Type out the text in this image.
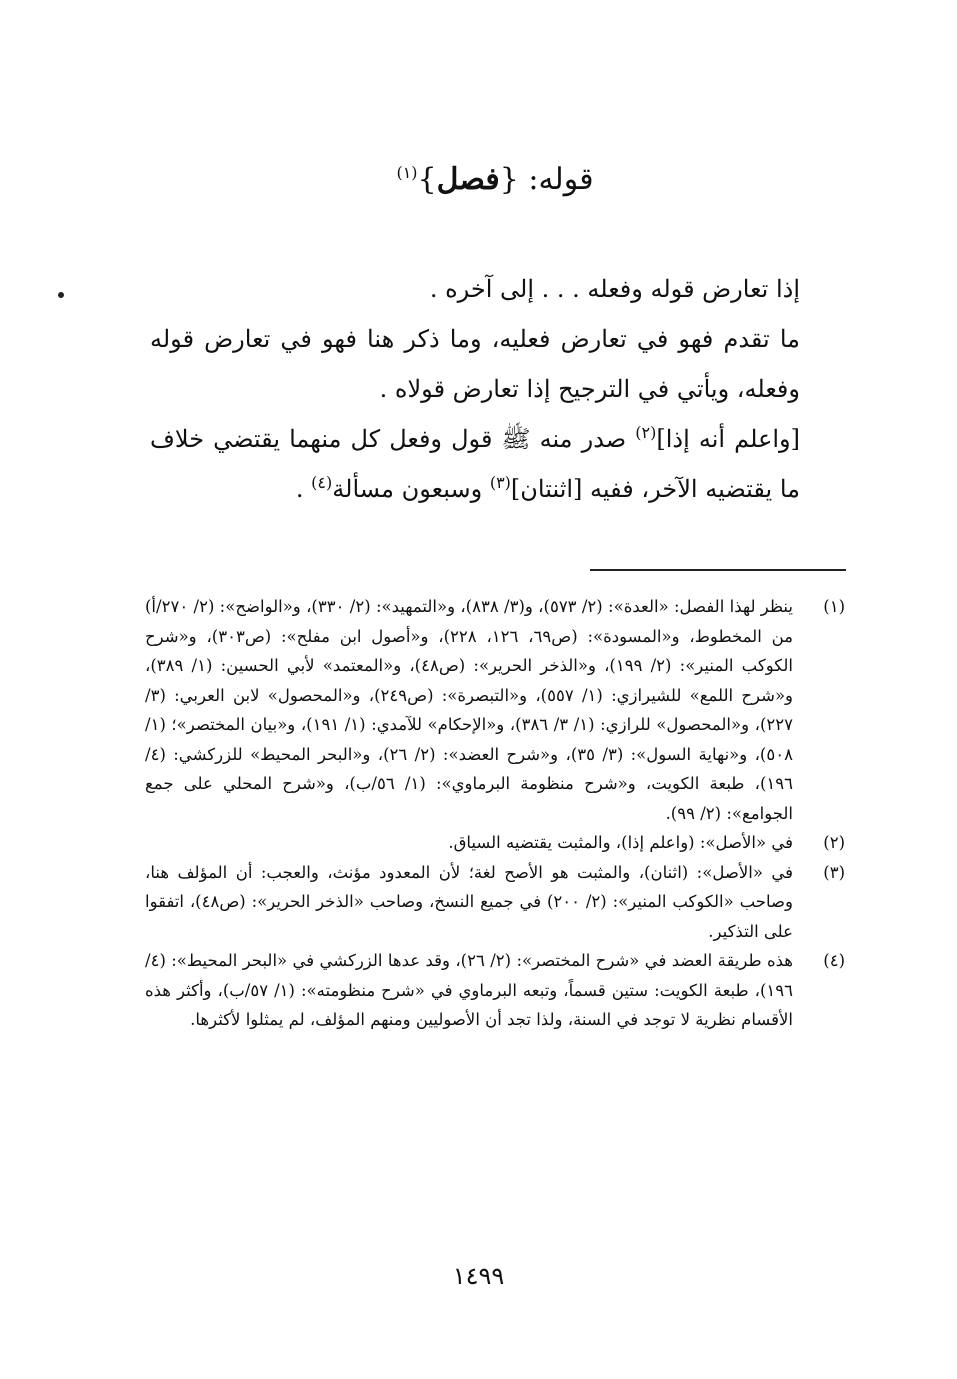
قوله: {فصل}$^{(١)}$

إذا تعارض قوله وفعله . . . إلى آخره .

ما تقدم فهو في تعارض فعليه، وما ذكر هنا فهو في تعارض قوله وفعله، ويأتي في الترجيح إذا تعارض قولاه .

[واعلم أنه إذا]$^{(٢)}$ صدر منه ﷺ قول وفعل كل منهما يقتضي خلاف ما يقتضيه الآخر، ففيه [اثنتان]$^{(٣)}$ وسبعون مسألة$^{(٤)}$ .

(١)
ينظر لهذا الفصل: «العدة»: (٢/ ٥٧٣)، و(٣/ ٨٣٨)، و«التمهيد»: (٢/ ٣٣٠)، و«الواضح»: (٢/ ٢٧٠/أ) من المخطوط، و«المسودة»: (ص٦٩، ١٢٦، ٢٢٨)، و«أصول ابن مفلح»: (ص٣٠٣)، و«شرح الكوكب المنير»: (٢/ ١٩٩)، و«الذخر الحرير»: (ص٤٨)، و«المعتمد» لأبي الحسين: (١/ ٣٨٩)، و«شرح اللمع» للشيرازي: (١/ ٥٥٧)، و«التبصرة»: (ص٢٤٩)، و«المحصول» لابن العربي: (٣/ ٢٢٧)، و«المحصول» للرازي: (١/ ٣/ ٣٨٦)، و«الإحكام» للآمدي: (١/ ١٩١)، و«بيان المختصر»؛ (١/ ٥٠٨)، و«نهاية السول»: (٣/ ٣٥)، و«شرح العضد»: (٢/ ٢٦)، و«البحر المحيط» للزركشي: (٤/ ١٩٦)، طبعة الكويت، و«شرح منظومة البرماوي»: (١/ ٥٦/ب)، و«شرح المحلي على جمع الجوامع»: (٢/ ٩٩).

(٢)
في «الأصل»: (واعلم إذا)، والمثبت يقتضيه السياق.

(٣)
في «الأصل»: (اثنان)، والمثبت هو الأصح لغة؛ لأن المعدود مؤنث، والعجب: أن المؤلف هنا، وصاحب «الكوكب المنير»: (٢/ ٢٠٠) في جميع النسخ، وصاحب «الذخر الحرير»: (ص٤٨)، اتفقوا على التذكير.

(٤)
هذه طريقة العضد في «شرح المختصر»: (٢/ ٢٦)، وقد عدها الزركشي في «البحر المحيط»: (٤/ ١٩٦)، طبعة الكويت: ستين قسماً، وتبعه البرماوي في «شرح منظومته»: (١/ ٥٧/ب)، وأكثر هذه الأقسام نظرية لا توجد في السنة، ولذا تجد أن الأصوليين ومنهم المؤلف، لم يمثلوا لأكثرها.

١٤٩٩
